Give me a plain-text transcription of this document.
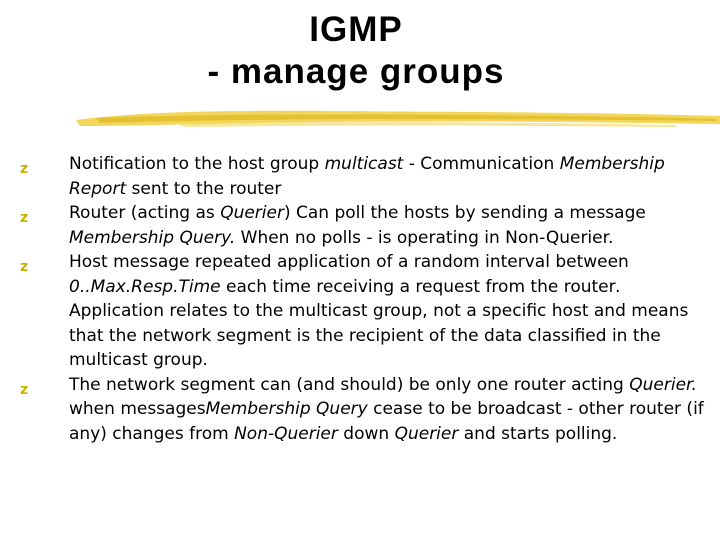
IGMP
- manage groups

z Notification to the host group multicast - Communication Membership Report sent to the router

z Router (acting as Querier) Can poll the hosts by sending a message Membership Query. When no polls - is operating in Non-Querier.

z Host message repeated application of a random interval between 0..Max.Resp.Time each time receiving a request from the router. Application relates to the multicast group, not a specific host and means that the network segment is the recipient of the data classified in the multicast group.

z The network segment can (and should) be only one router acting Querier. when messagesMembership Query cease to be broadcast - other router (if any) changes from Non-Querier down Querier and starts polling.
